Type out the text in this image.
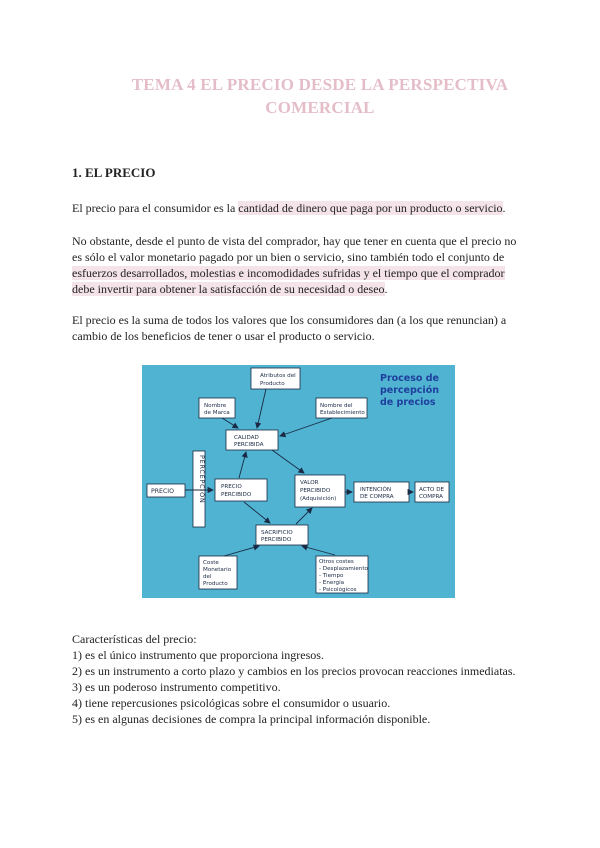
TEMA 4 EL PRECIO DESDE LA PERSPECTIVA
COMERCIAL
1. EL PRECIO
El precio para el consumidor es la cantidad de dinero que paga por un producto o servicio.
No obstante, desde el punto de vista del comprador, hay que tener en cuenta que el precio no
es sólo el valor monetario pagado por un bien o servicio, sino también todo el conjunto de
esfuerzos desarrollados, molestias e incomodidades sufridas y el tiempo que el comprador
debe invertir para obtener la satisfacción de su necesidad o deseo.
El precio es la suma de todos los valores que los consumidores dan (a los que renuncian) a
cambio de los beneficios de tener o usar el producto o servicio.
Proceso de
percepción
de precios
Atributos del
Producto
Nombre
de Marca
Nombre del
Establecimiento
CALIDAD
PERCIBIDA
PRECIO
PRECIO
PERCIBIDO
VALOR
PERCIBIDO
(Adquisición)
INTENCIÓN
DE COMPRA
ACTO DE
COMPRA
SACRIFICIO
PERCIBIDO
Coste
Monetario
del
Producto
Otros costes
- Desplazamiento
- Tiempo
- Energía
- Psicológicos
PERCEPCIÓN
Características del precio:
1) es el único instrumento que proporciona ingresos.
2) es un instrumento a corto plazo y cambios en los precios provocan reacciones inmediatas.
3) es un poderoso instrumento competitivo.
4) tiene repercusiones psicológicas sobre el consumidor o usuario.
5) es en algunas decisiones de compra la principal información disponible.
